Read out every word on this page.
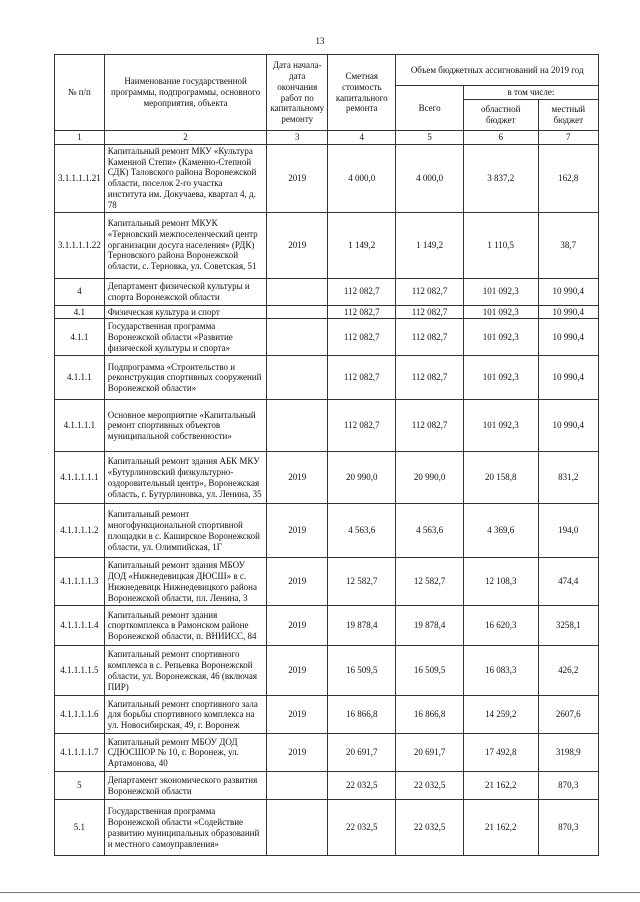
13
№ п/п	Наименование государственной программы, подпрограммы, основного мероприятия, объекта	Дата начала-дата окончания работ по капитальному ремонту	Сметная стоимость капитального ремонта	Объем бюджетных ассигнований на 2019 год		
				Всего	в том числе:	
					областной бюджет	местный бюджет
1	2	3	4	5	6	7
3.1.1.1.1.21	Капитальный ремонт МКУ «Культура Каменной Степи» (Каменно-Степной СДК) Таловского района Воронежской области, поселок 2-го участка института им. Докучаева, квартал 4, д. 78	2019	4 000,0	4 000,0	3 837,2	162,8
3.1.1.1.1.22	Капитальный ремонт МКУК «Терновский межпоселенческий центр организации досуга населения» (РДК) Терновского района Воронежской области, с. Терновка, ул. Советская, 51	2019	1 149,2	1 149,2	1 110,5	38,7
4	Департамент физической культуры и спорта Воронежской области		112 082,7	112 082,7	101 092,3	10 990,4
4.1	Физическая культура и спорт		112 082,7	112 082,7	101 092,3	10 990,4
4.1.1	Государственная программа Воронежской области «Развитие физической культуры и спорта»		112 082,7	112 082,7	101 092,3	10 990,4
4.1.1.1	Подпрограмма «Строительство и реконструкция спортивных сооружений Воронежской области»		112 082,7	112 082,7	101 092,3	10 990,4
4.1.1.1.1	Основное мероприятие «Капитальный ремонт спортивных объектов муниципальной собственности»		112 082,7	112 082,7	101 092,3	10 990,4
4.1.1.1.1.1	Капитальный ремонт здания АБК МКУ «Бутурлиновский физкультурно-оздоровительный центр», Воронежская область, г. Бутурлиновка, ул. Ленина, 35	2019	20 990,0	20 990,0	20 158,8	831,2
4.1.1.1.1.2	Капитальный ремонт многофункциональной спортивной площадки в с. Каширское Воронежской области, ул. Олимпийская, 1Г	2019	4 563,6	4 563,6	4 369,6	194,0
4.1.1.1.1.3	Капитальный ремонт здания МБОУ ДОД «Нижнедевицкая ДЮСШ» в с. Нижнедевицк Нижнедевицкого района Воронежской области, пл. Ленина, 3	2019	12 582,7	12 582,7	12 108,3	474,4
4.1.1.1.1.4	Капитальный ремонт здания спорткомплекса в Рамонском районе Воронежской области, п. ВНИИСС, 84	2019	19 878,4	19 878,4	16 620,3	3258,1
4.1.1.1.1.5	Капитальный ремонт спортивного комплекса в с. Репьевка Воронежской области, ул. Воронежская, 46 (включая ПИР)	2019	16 509,5	16 509,5	16 083,3	426,2
4.1.1.1.1.6	Капитальный ремонт спортивного зала для борьбы спортивного комплекса на ул. Новосибирская, 49, г. Воронеж	2019	16 866,8	16 866,8	14 259,2	2607,6
4.1.1.1.1.7	Капитальный ремонт МБОУ ДОД СДЮСШОР № 10, г. Воронеж, ул. Артамонова, 40	2019	20 691,7	20 691,7	17 492,8	3198,9
5	Департамент экономического развития Воронежской области		22 032,5	22 032,5	21 162,2	870,3
5.1	Государственная программа Воронежской области «Содействие развитию муниципальных образований и местного самоуправления»		22 032,5	22 032,5	21 162,2	870,3
